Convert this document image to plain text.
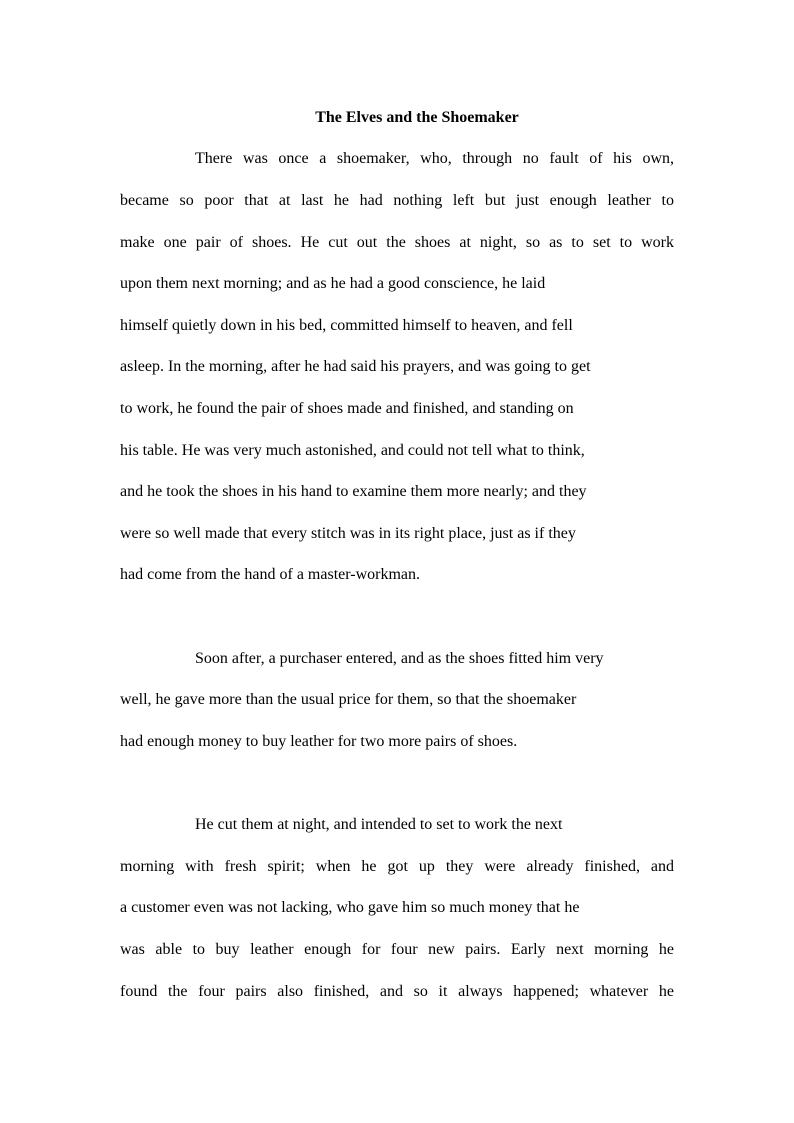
The Elves and the Shoemaker
There was once a shoemaker, who, through no fault of his own,
became so poor that at last he had nothing left but just enough leather to
make one pair of shoes. He cut out the shoes at night, so as to set to work
upon them next morning; and as he had a good conscience, he laid
himself quietly down in his bed, committed himself to heaven, and fell
asleep. In the morning, after he had said his prayers, and was going to get
to work, he found the pair of shoes made and finished, and standing on
his table. He was very much astonished, and could not tell what to think,
and he took the shoes in his hand to examine them more nearly; and they
were so well made that every stitch was in its right place, just as if they
had come from the hand of a master-workman.
Soon after, a purchaser entered, and as the shoes fitted him very
well, he gave more than the usual price for them, so that the shoemaker
had enough money to buy leather for two more pairs of shoes.
He cut them at night, and intended to set to work the next
morning with fresh spirit; when he got up they were already finished, and
a customer even was not lacking, who gave him so much money that he
was able to buy leather enough for four new pairs. Early next morning he
found the four pairs also finished, and so it always happened; whatever he
